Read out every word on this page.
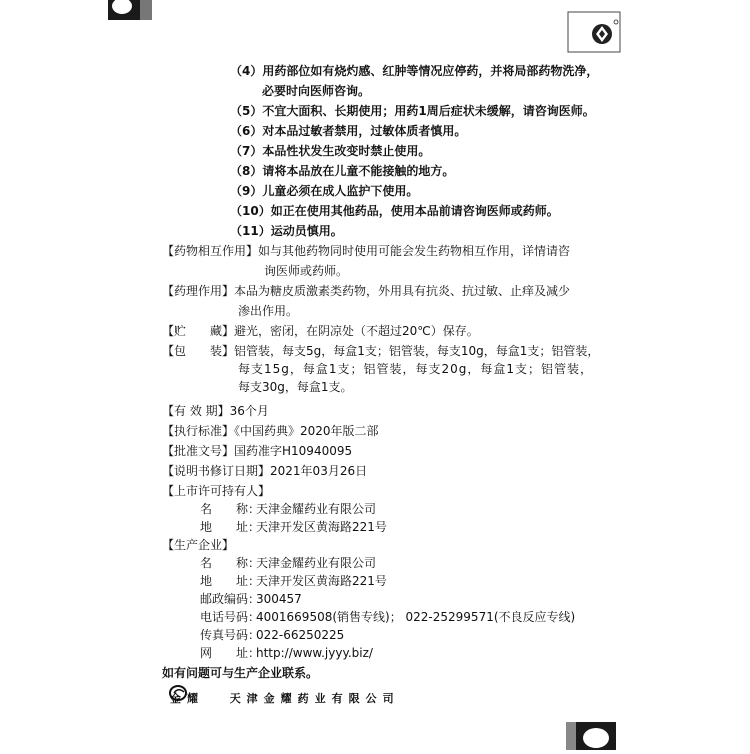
（4）用药部位如有烧灼感、红肿等情况应停药，并将局部药物洗净，
必要时向医师咨询。
（5）不宜大面积、长期使用；用药1周后症状未缓解，请咨询医师。
（6）对本品过敏者禁用，过敏体质者慎用。
（7）本品性状发生改变时禁止使用。
（8）请将本品放在儿童不能接触的地方。
（9）儿童必须在成人监护下使用。
（10）如正在使用其他药品，使用本品前请咨询医师或药师。
（11）运动员慎用。
【药物相互作用】如与其他药物同时使用可能会发生药物相互作用，详情请咨
询医师或药师。
【药理作用】本品为糖皮质激素类药物，外用具有抗炎、抗过敏、止痒及减少
渗出作用。
【贮　　藏】避光，密闭，在阴凉处（不超过20℃）保存。
【包　　装】铝管装，每支5g，每盒1支；铝管装，每支10g，每盒1支；铝管装，
每支15g，每盒1支；铝管装，每支20g，每盒1支；铝管装，
每支30g，每盒1支。
【有 效 期】36个月
【执行标准】《中国药典》2020年版二部
【批准文号】国药准字H10940095
【说明书修订日期】2021年03月26日
【上市许可持有人】
名　　称：天津金耀药业有限公司
地　　址：天津开发区黄海路221号
【生产企业】
名　　称：天津金耀药业有限公司
地　　址：天津开发区黄海路221号
邮政编码：300457
电话号码：4001669508(销售专线)； 022-25299571(不良反应专线)
传真号码：022-66250225
网　　址：http://www.jyyy.biz/
如有问题可与生产企业联系。
金耀 天津金耀药业有限公司
